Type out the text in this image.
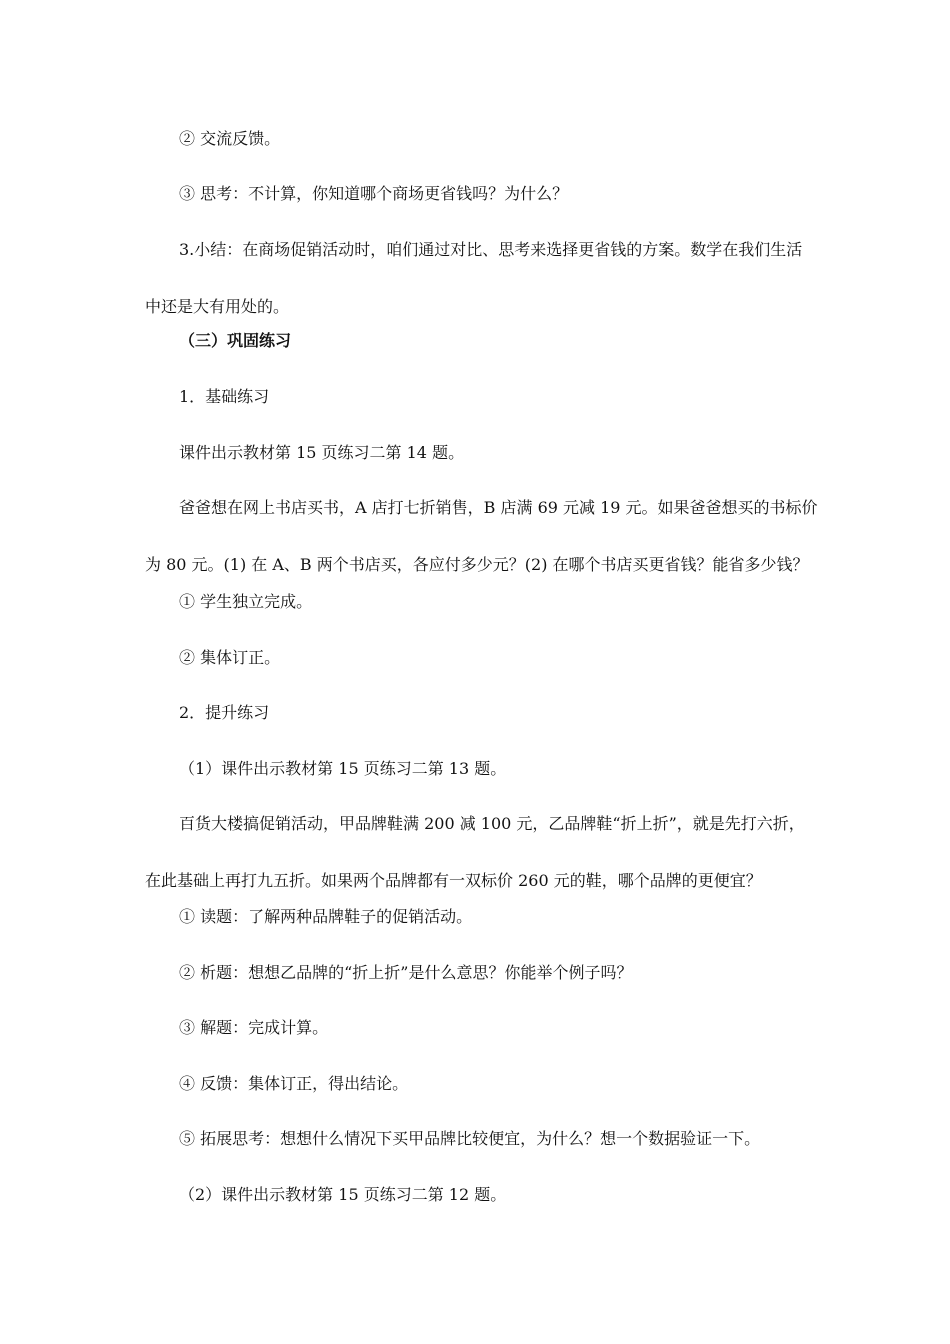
② 交流反馈。
③ 思考：不计算，你知道哪个商场更省钱吗？为什么？
3.小结：在商场促销活动时，咱们通过对比、思考来选择更省钱的方案。数学在我们生活
中还是大有用处的。
（三）巩固练习
1．基础练习
课件出示教材第 15 页练习二第 14 题。
爸爸想在网上书店买书，A 店打七折销售，B 店满 69 元减 19 元。如果爸爸想买的书标价
为 80 元。(1) 在 A、B 两个书店买，各应付多少元？(2) 在哪个书店买更省钱？能省多少钱？
① 学生独立完成。
② 集体订正。
2．提升练习
（1）课件出示教材第 15 页练习二第 13 题。
百货大楼搞促销活动，甲品牌鞋满 200 减 100 元，乙品牌鞋“折上折”，就是先打六折，
在此基础上再打九五折。如果两个品牌都有一双标价 260 元的鞋，哪个品牌的更便宜？
① 读题：了解两种品牌鞋子的促销活动。
② 析题：想想乙品牌的“折上折”是什么意思？你能举个例子吗？
③ 解题：完成计算。
④ 反馈：集体订正，得出结论。
⑤ 拓展思考：想想什么情况下买甲品牌比较便宜，为什么？想一个数据验证一下。
（2）课件出示教材第 15 页练习二第 12 题。
